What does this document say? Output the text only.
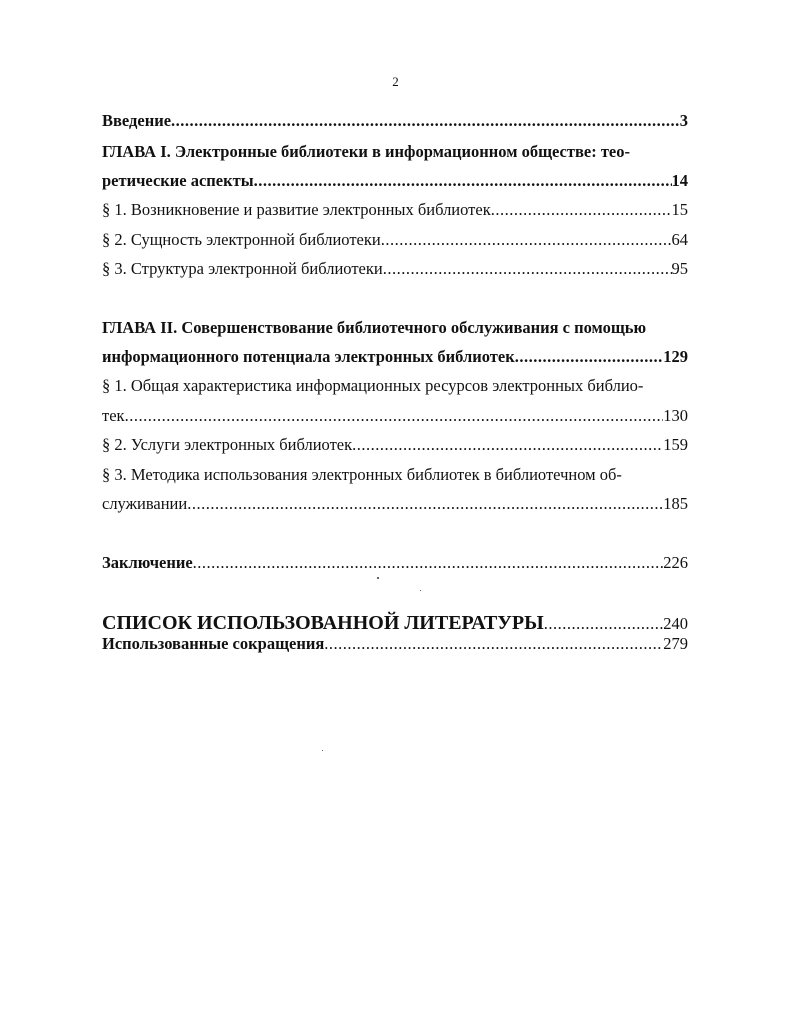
2
Введение .....	3
ГЛАВА I. Электронные библиотеки в информационном обществе: тео-
ретические аспекты .....	14
§ 1. Возникновение и развитие электронных библиотек .....	15
§ 2. Сущность электронной библиотеки .....	64
§ 3. Структура электронной библиотеки .....	95
ГЛАВА II. Совершенствование библиотечного обслуживания с помощью
информационного потенциала электронных библиотек .....	129
§ 1. Общая характеристика информационных ресурсов электронных библио-
тек .....	130
§ 2. Услуги электронных библиотек .....	159
§ 3. Методика использования электронных библиотек в библиотечном об-
служивании .....	185
Заключение .....	226
СПИСОК ИСПОЛЬЗОВАННОЙ ЛИТЕРАТУРЫ .....	240
Использованные сокращения .....	279
